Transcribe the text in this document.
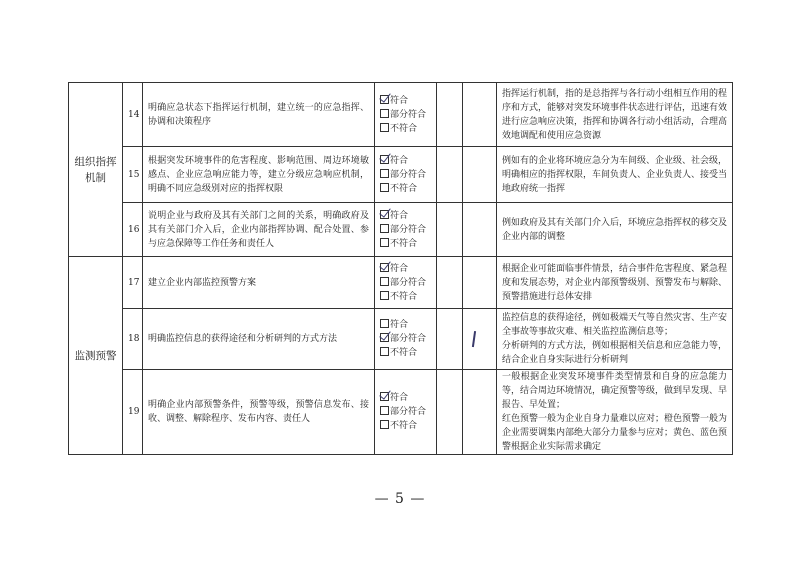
组织指挥
机制	14	明确应急状态下指挥运行机制，建立统一的应急指挥、协调和决策程序	符合
部分符合
不符合			指挥运行机制，指的是总指挥与各行动小组相互作用的程序和方式，能够对突发环境事件状态进行评估，迅速有效进行应急响应决策，指挥和协调各行动小组活动，合理高效地调配和使用应急资源
	15	根据突发环境事件的危害程度、影响范围、周边环境敏感点、企业应急响应能力等，建立分级应急响应机制，明确不同应急级别对应的指挥权限	符合
部分符合
不符合			例如有的企业将环境应急分为车间级、企业级、社会级，明确相应的指挥权限，车间负责人、企业负责人、接受当地政府统一指挥
	16	说明企业与政府及其有关部门之间的关系，明确政府及其有关部门介入后，企业内部指挥协调、配合处置、参与应急保障等工作任务和责任人	符合
部分符合
不符合			例如政府及其有关部门介入后，环境应急指挥权的移交及企业内部的调整
监测预警	17	建立企业内部监控预警方案	符合
部分符合
不符合			根据企业可能面临事件情景，结合事件危害程度、紧急程度和发展态势，对企业内部预警级别、预警发布与解除、预警措施进行总体安排
	18	明确监控信息的获得途径和分析研判的方式方法	符合
部分符合
不符合			监控信息的获得途径，例如极端天气等自然灾害、生产安全事故等事故灾难、相关监控监测信息等；
分析研判的方式方法，例如根据相关信息和应急能力等，结合企业自身实际进行分析研判
	19	明确企业内部预警条件，预警等级，预警信息发布、接收、调整、解除程序、发布内容、责任人	符合
部分符合
不符合			一般根据企业突发环境事件类型情景和自身的应急能力等，结合周边环境情况，确定预警等级，做到早发现、早报告、早处置；
红色预警一般为企业自身力量难以应对；橙色预警一般为企业需要调集内部绝大部分力量参与应对；黄色、蓝色预警根据企业实际需求确定
— 5 —
